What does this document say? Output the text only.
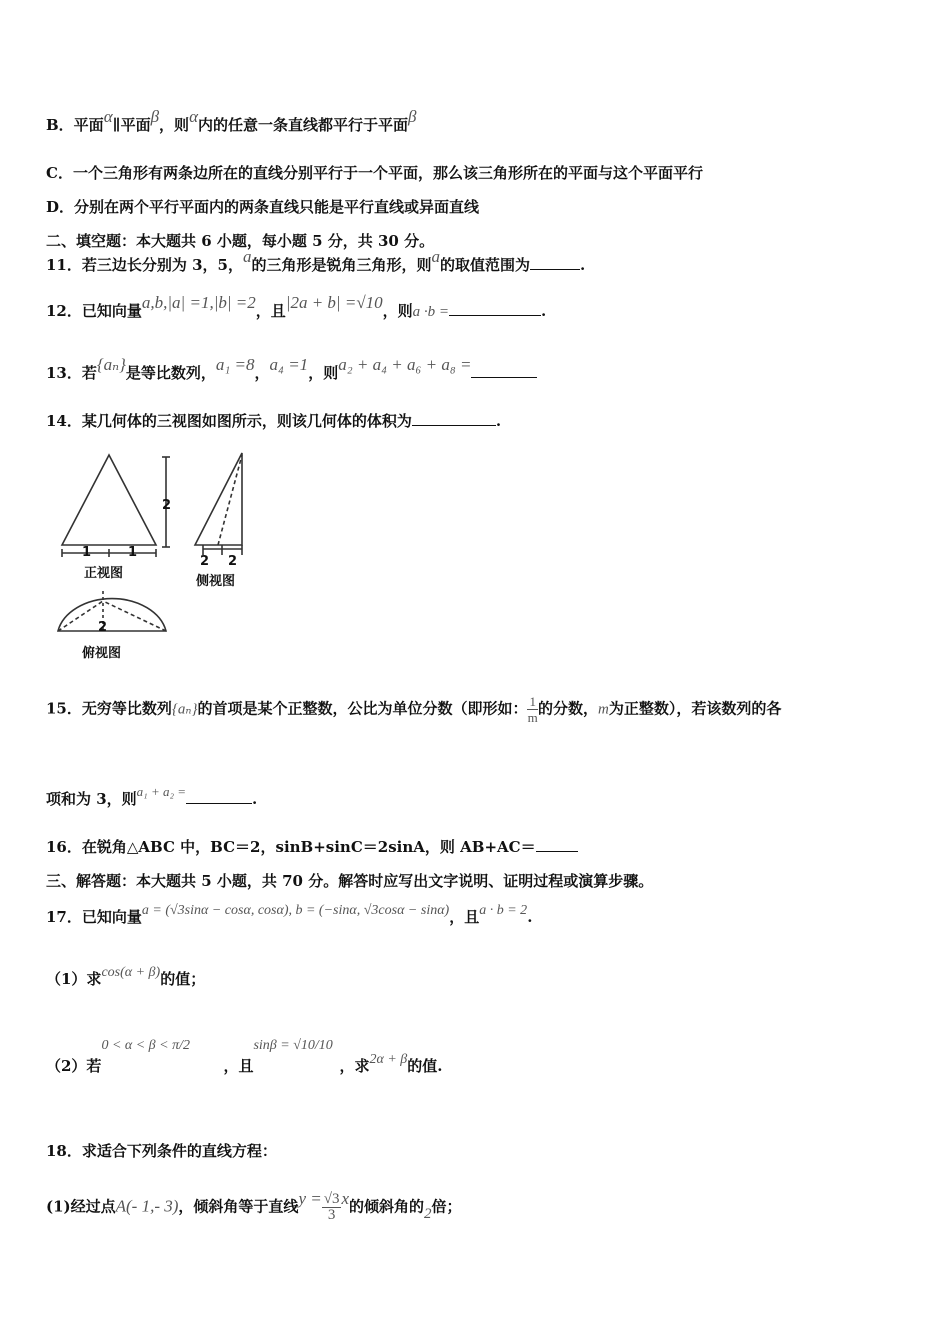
B．平面α∥平面β，则α内的任意一条直线都平行于平面β
C．一个三角形有两条边所在的直线分别平行于一个平面，那么该三角形所在的平面与这个平面平行
D．分别在两个平行平面内的两条直线只能是平行直线或异面直线
二、填空题：本大题共 6 小题，每小题 5 分，共 30 分。
11．若三边长分别为 3，5，a的三角形是锐角三角形，则a的取值范围为	.
12．已知向量a,b,|a| =1,|b| =2，且|2a + b| =√10，则a ·b =	.
13．若{aₙ}是等比数列，a₁ =8，a₄ =1，则a₂ + a₄ + a₆ + a₈ =
14．某几何体的三视图如图所示，则该几何体的体积为	.
1	1
2
2 2
2
正视图
侧视图
俯视图
15．无穷等比数列{aₙ}的首项是某个正整数，公比为单位分数（即形如： $\frac{1}{m}$ 的分数，m为正整数），若该数列的各
项和为 3，则a₁ + a₂ =	.
16．在锐角△ABC 中，BC＝2，sinB+sinC＝2sinA，则 AB+AC＝
三、解答题：本大题共 5 小题，共 70 分。解答时应写出文字说明、证明过程或演算步骤。
17．已知向量a = (√3sinα − cosα, cosα), b = (−sinα, √3cosα − sinα)，且a · b = 2.
（1）求cos(α + β)的值；
（2）若0 < α < β < π/2，且sinβ = √10/10，求2α + β的值.
18．求适合下列条件的直线方程：
(1)经过点A(- 1,- 3)，倾斜角等于直线$y = \frac{√3}{3}$ x的倾斜角的2倍；
